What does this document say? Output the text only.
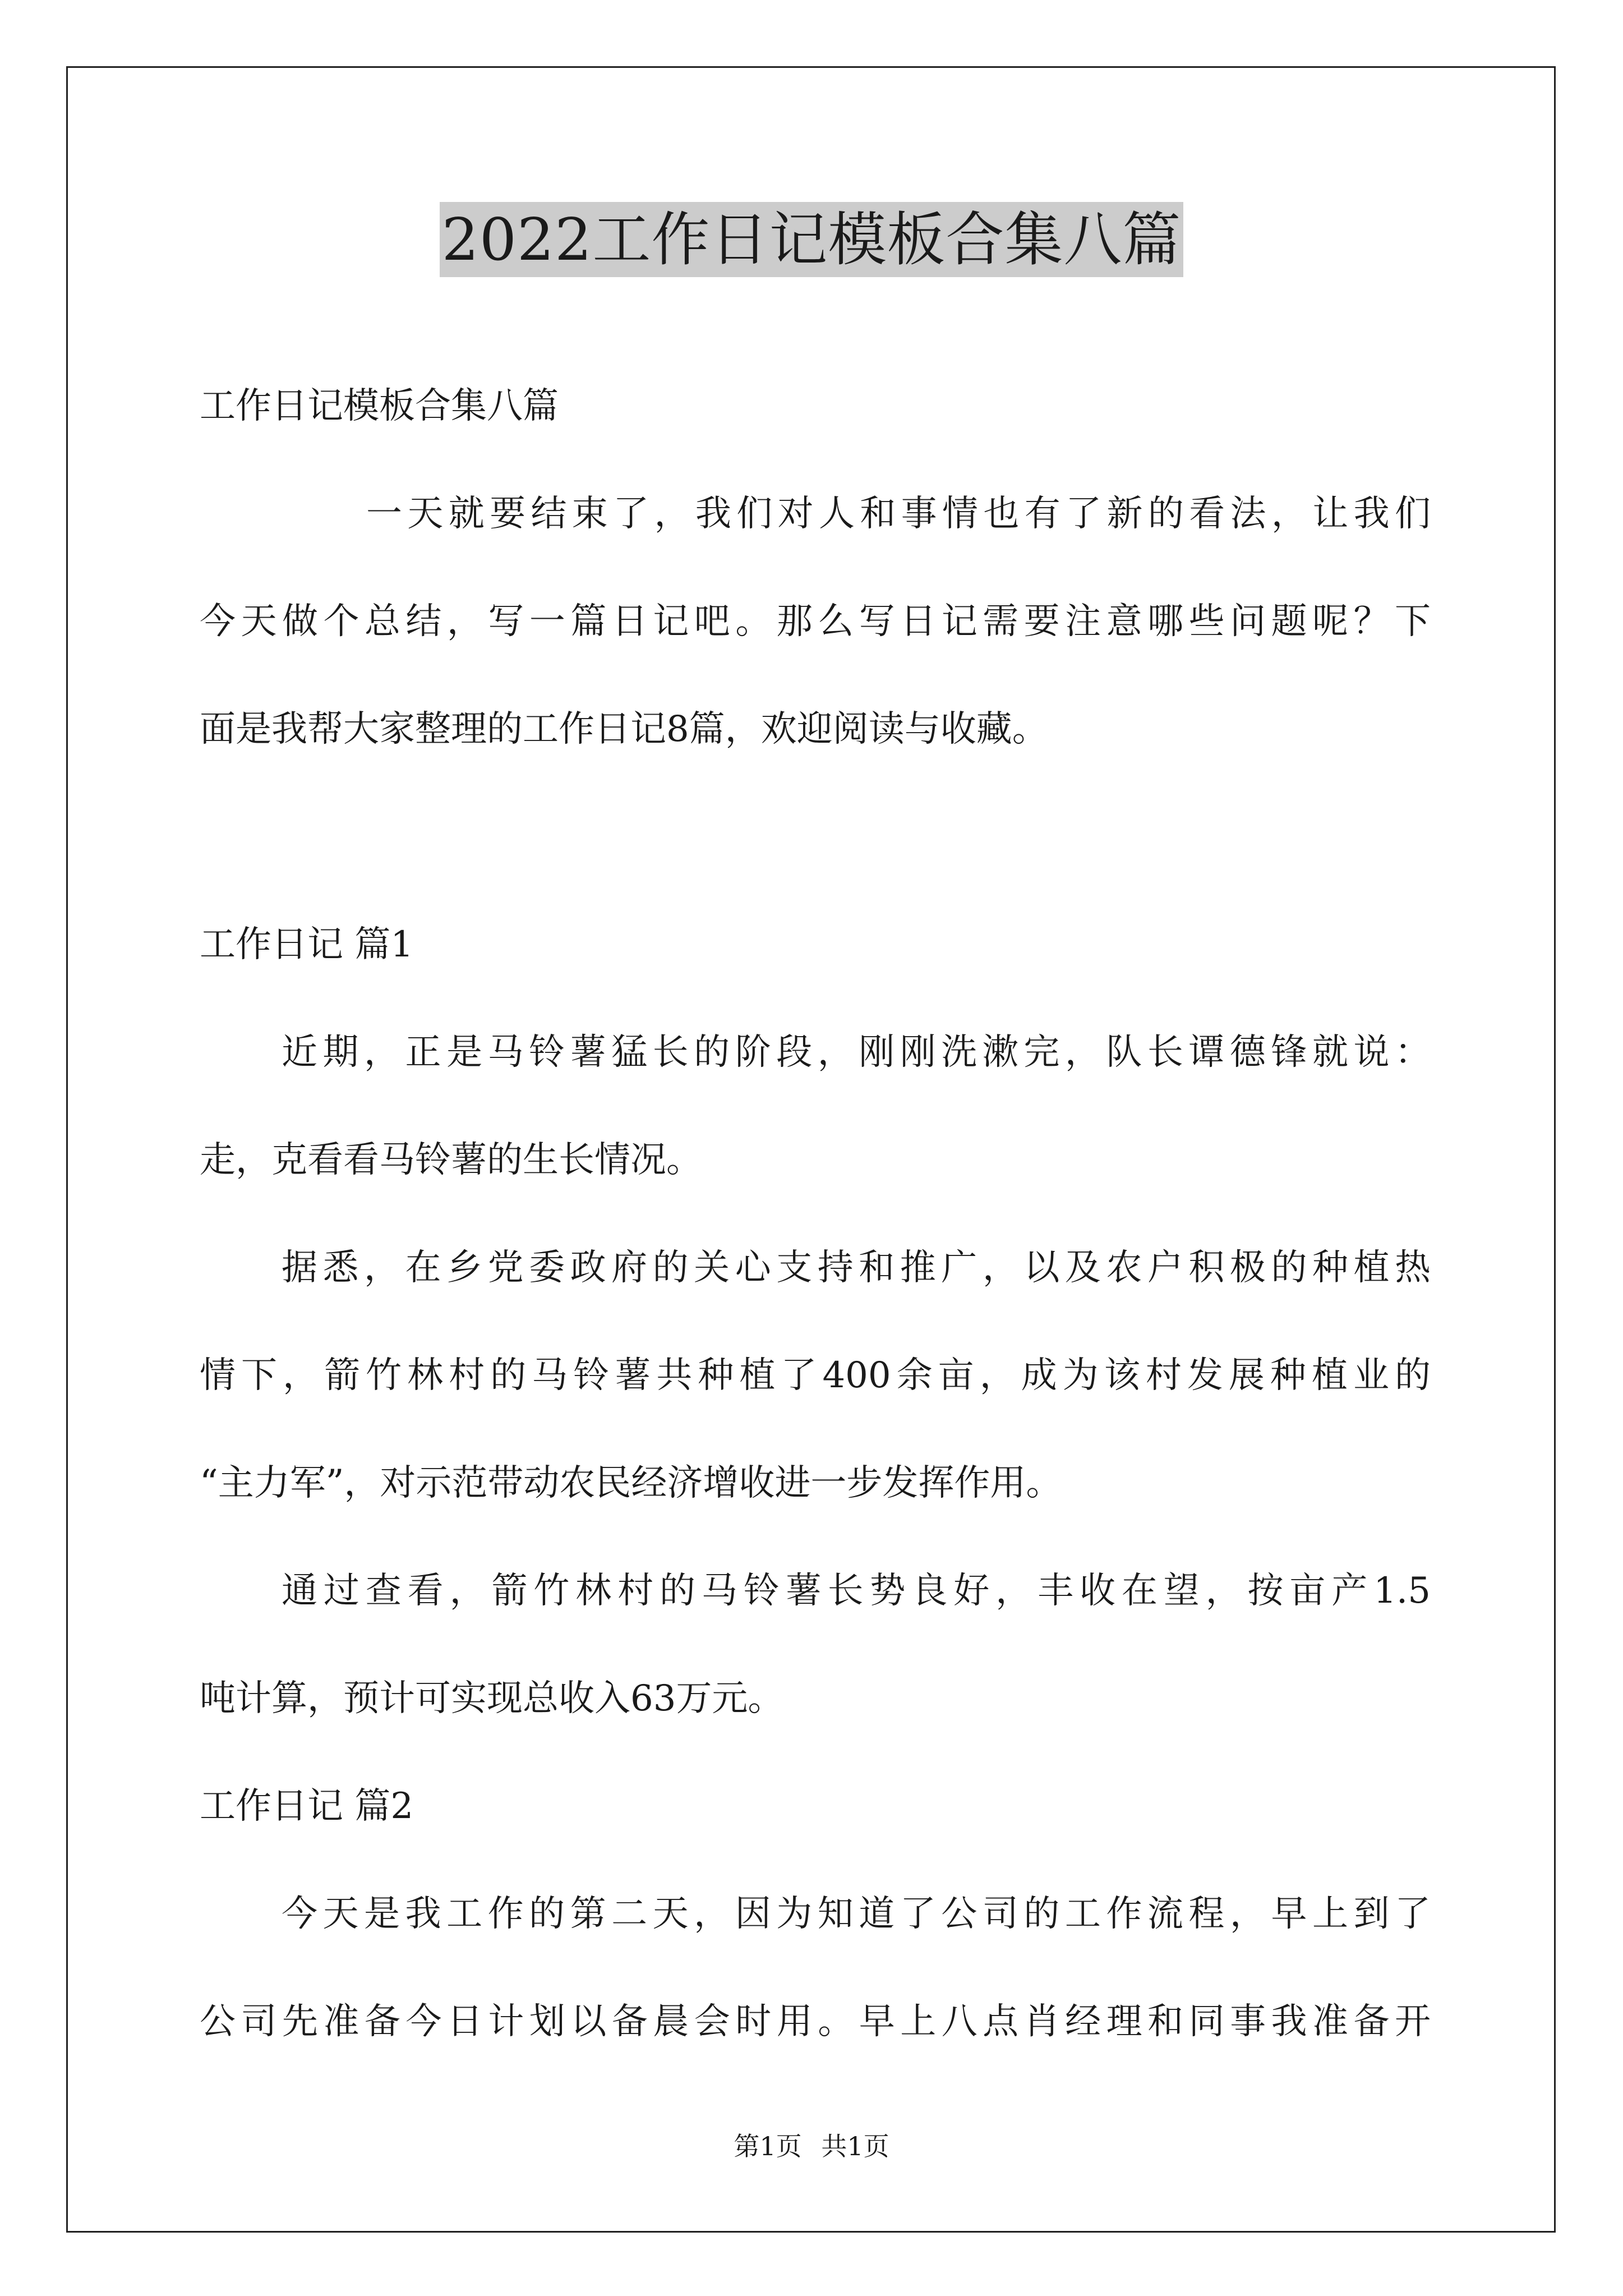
2022工作日记模板合集八篇
工作日记模板合集八篇
一天就要结束了，我们对人和事情也有了新的看法，让我们
今天做个总结，写一篇日记吧。那么写日记需要注意哪些问题呢？下
面是我帮大家整理的工作日记8篇，欢迎阅读与收藏。
工作日记 篇1
近期，正是马铃薯猛长的阶段，刚刚洗漱完，队长谭德锋就说：
走，克看看马铃薯的生长情况。
据悉，在乡党委政府的关心支持和推广，以及农户积极的种植热
情下，箭竹林村的马铃薯共种植了400余亩，成为该村发展种植业的
“主力军”，对示范带动农民经济增收进一步发挥作用。
通过查看，箭竹林村的马铃薯长势良好，丰收在望，按亩产1.5
吨计算，预计可实现总收入63万元。
工作日记 篇2
今天是我工作的第二天，因为知道了公司的工作流程，早上到了
公司先准备今日计划以备晨会时用。早上八点肖经理和同事我准备开
第1页 共1页
